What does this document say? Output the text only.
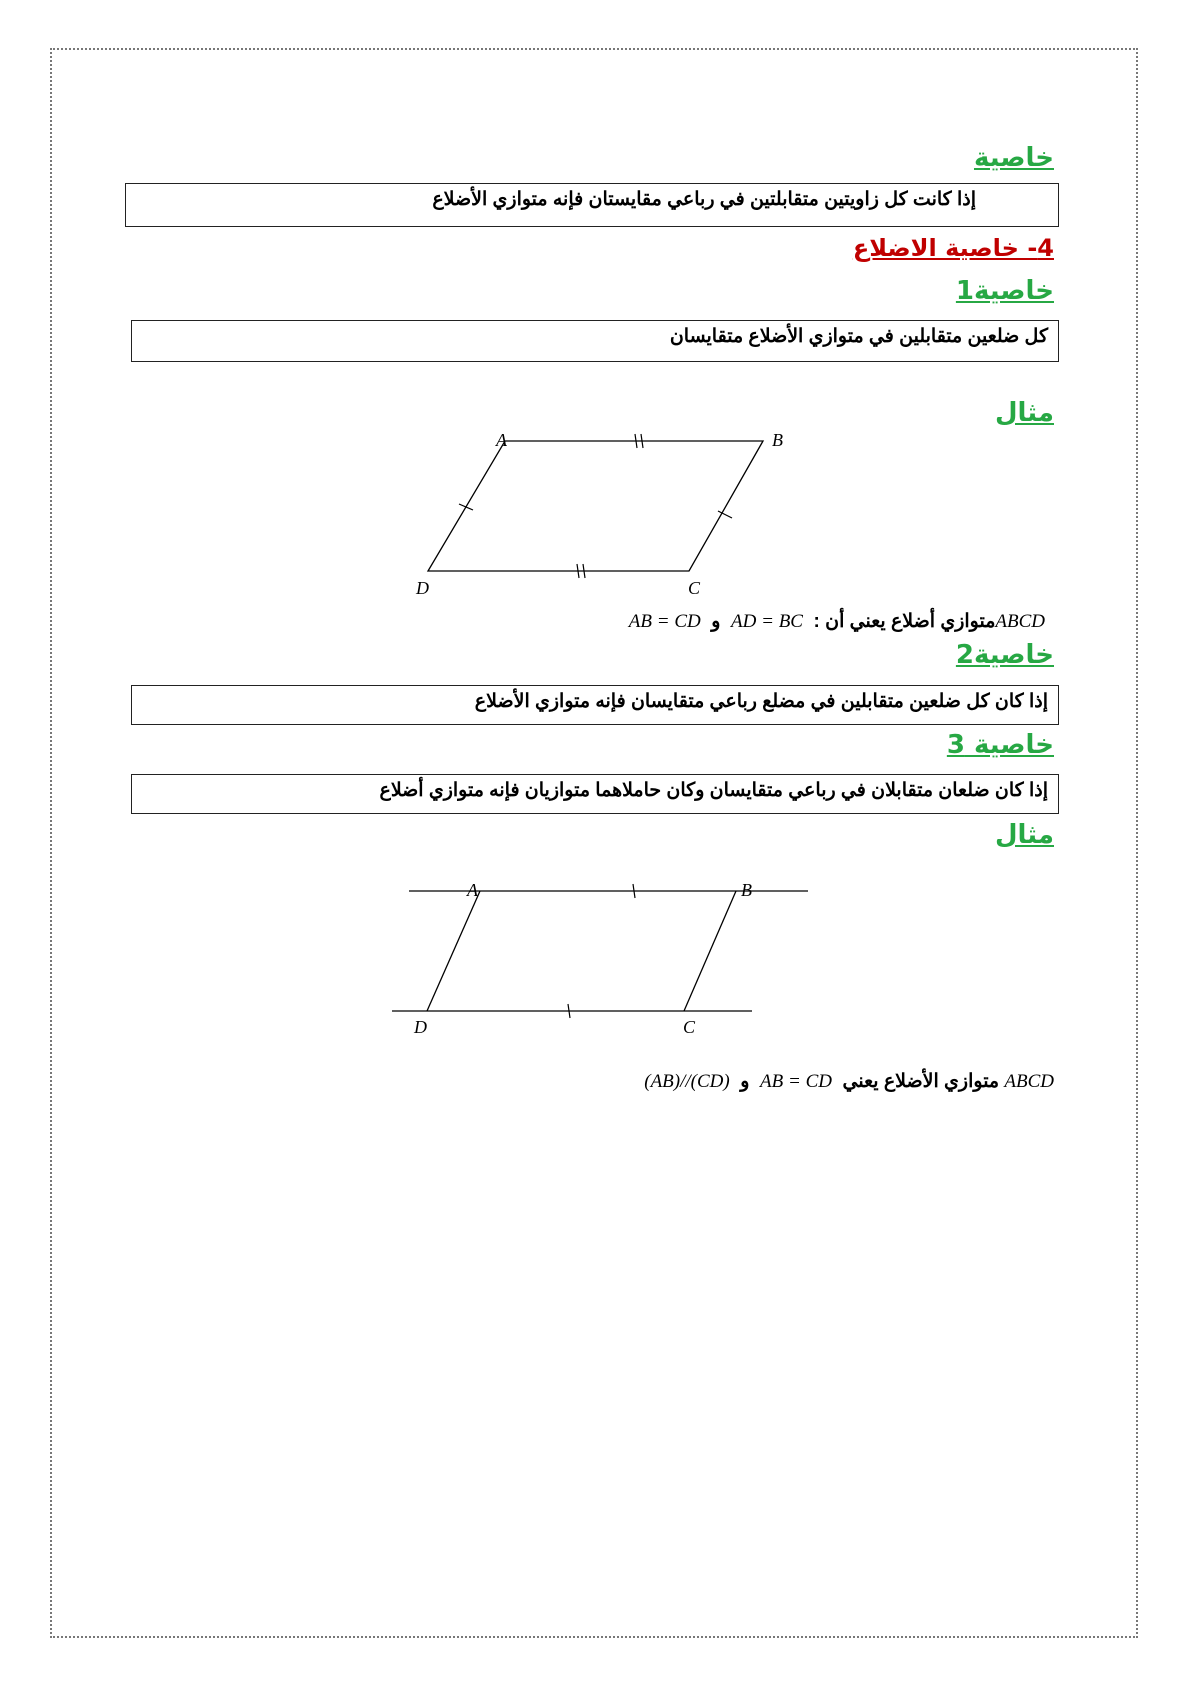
خاصية
إذا كانت كل زاويتين متقابلتين في رباعي مقايستان فإنه متوازي الأضلاع
4- خاصية الاضلاع
خاصية1
كل ضلعين متقابلين في متوازي الأضلاع متقايسان
مثال
A	B
C
D
ABCDمتوازي أضلاع يعني أن :  AD = BC  و  AB = CD
خاصية2
إذا كان كل ضلعين متقابلين في مضلع رباعي متقايسان فإنه متوازي الأضلاع
خاصية 3
إذا كان ضلعان متقابلان في رباعي متقايسان وكان حاملاهما متوازيان فإنه متوازي أضلاع
مثال
A	B
C
D
ABCD متوازي الأضلاع يعني  AB = CD  و  (AB)//(CD)
